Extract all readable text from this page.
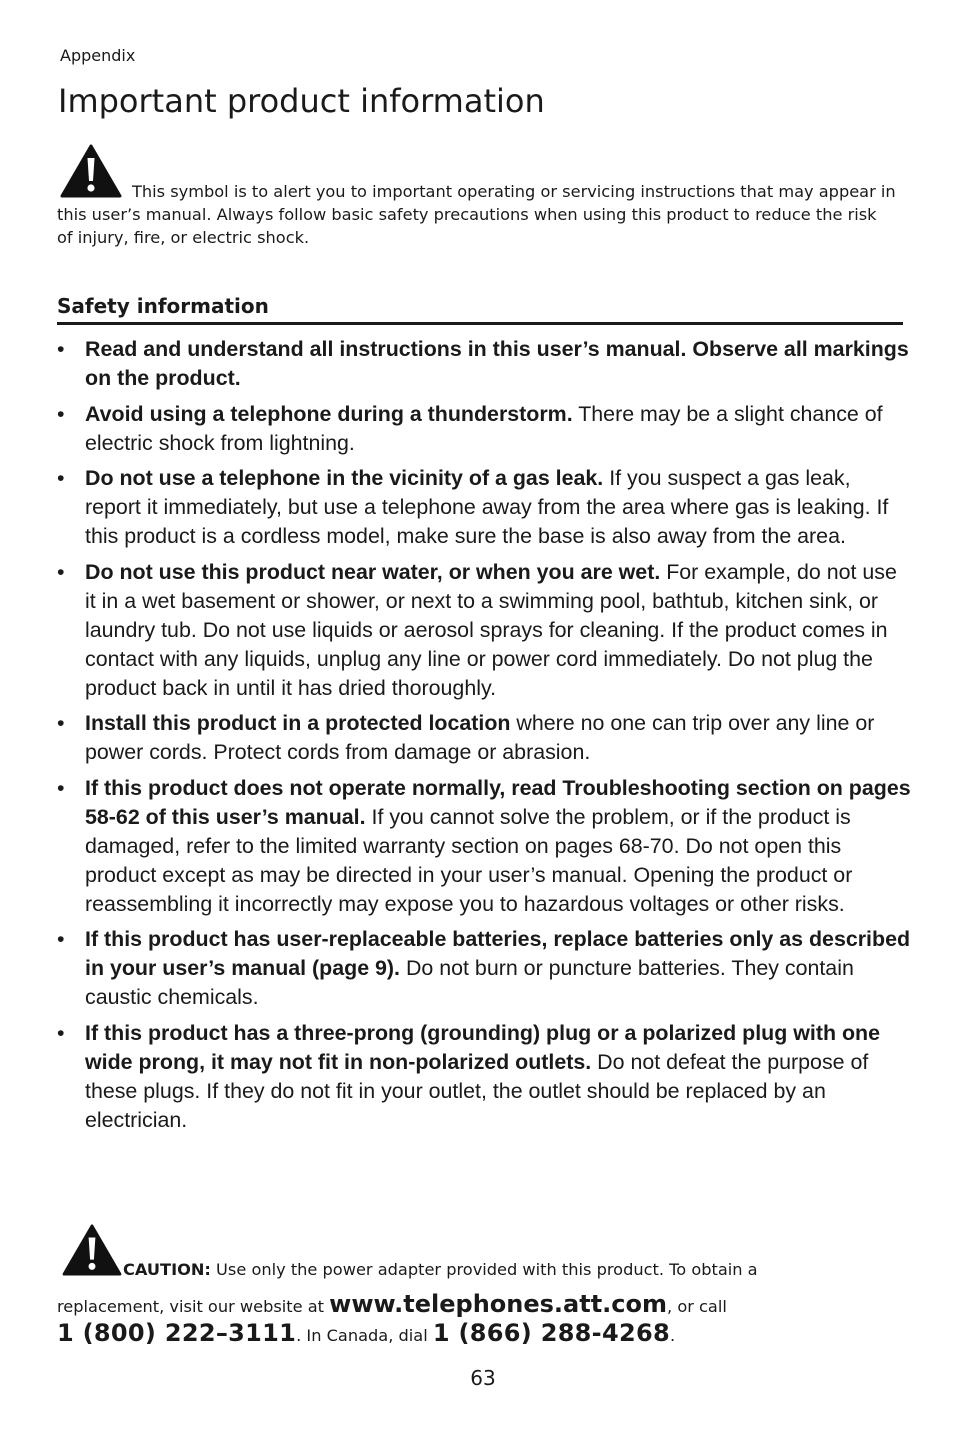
Appendix
Important product information
This symbol is to alert you to important operating or servicing instructions that may appear in this user’s manual. Always follow basic safety precautions when using this product to reduce the risk of injury, fire, or electric shock.
Safety information
• Read and understand all instructions in this user’s manual. Observe all markings on the product.
• Avoid using a telephone during a thunderstorm. There may be a slight chance of electric shock from lightning.
• Do not use a telephone in the vicinity of a gas leak. If you suspect a gas leak, report it immediately, but use a telephone away from the area where gas is leaking. If this product is a cordless model, make sure the base is also away from the area.
• Do not use this product near water, or when you are wet. For example, do not use it in a wet basement or shower, or next to a swimming pool, bathtub, kitchen sink, or laundry tub. Do not use liquids or aerosol sprays for cleaning. If the product comes in contact with any liquids, unplug any line or power cord immediately. Do not plug the product back in until it has dried thoroughly.
• Install this product in a protected location where no one can trip over any line or power cords. Protect cords from damage or abrasion.
• If this product does not operate normally, read Troubleshooting section on pages 58-62 of this user’s manual. If you cannot solve the problem, or if the product is damaged, refer to the limited warranty section on pages 68-70. Do not open this product except as may be directed in your user’s manual. Opening the product or reassembling it incorrectly may expose you to hazardous voltages or other risks.
• If this product has user-replaceable batteries, replace batteries only as described in your user’s manual (page 9). Do not burn or puncture batteries. They contain caustic chemicals.
• If this product has a three-prong (grounding) plug or a polarized plug with one wide prong, it may not fit in non-polarized outlets. Do not defeat the purpose of these plugs. If they do not fit in your outlet, the outlet should be replaced by an electrician.
CAUTION: Use only the power adapter provided with this product. To obtain a
replacement, visit our website at www.telephones.att.com, or call
1 (800) 222–3111. In Canada, dial 1 (866) 288-4268.
63
